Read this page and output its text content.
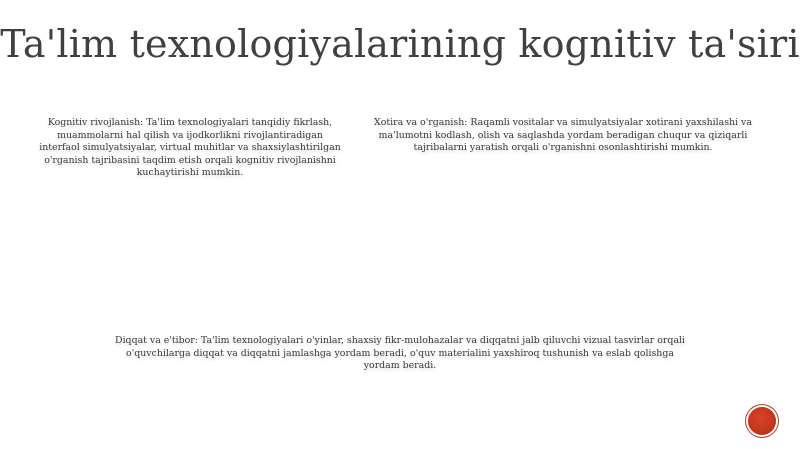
Ta'lim texnologiyalarining kognitiv ta'siri
Kognitiv rivojlanish: Ta'lim texnologiyalari tanqidiy fikrlash, muammolarni hal qilish va ijodkorlikni rivojlantiradigan interfaol simulyatsiyalar, virtual muhitlar va shaxsiylashtirilgan o'rganish tajribasini taqdim etish orqali kognitiv rivojlanishni kuchaytirishi mumkin.
Xotira va o'rganish: Raqamli vositalar va simulyatsiyalar xotirani yaxshilashi va ma'lumotni kodlash, olish va saqlashda yordam beradigan chuqur va qiziqarli tajribalarni yaratish orqali o'rganishni osonlashtirishi mumkin.
Diqqat va e'tibor: Ta'lim texnologiyalari o'yinlar, shaxsiy fikr-mulohazalar va diqqatni jalb qiluvchi vizual tasvirlar orqali o'quvchilarga diqqat va diqqatni jamlashga yordam beradi, o'quv materialini yaxshiroq tushunish va eslab qolishga yordam beradi.
